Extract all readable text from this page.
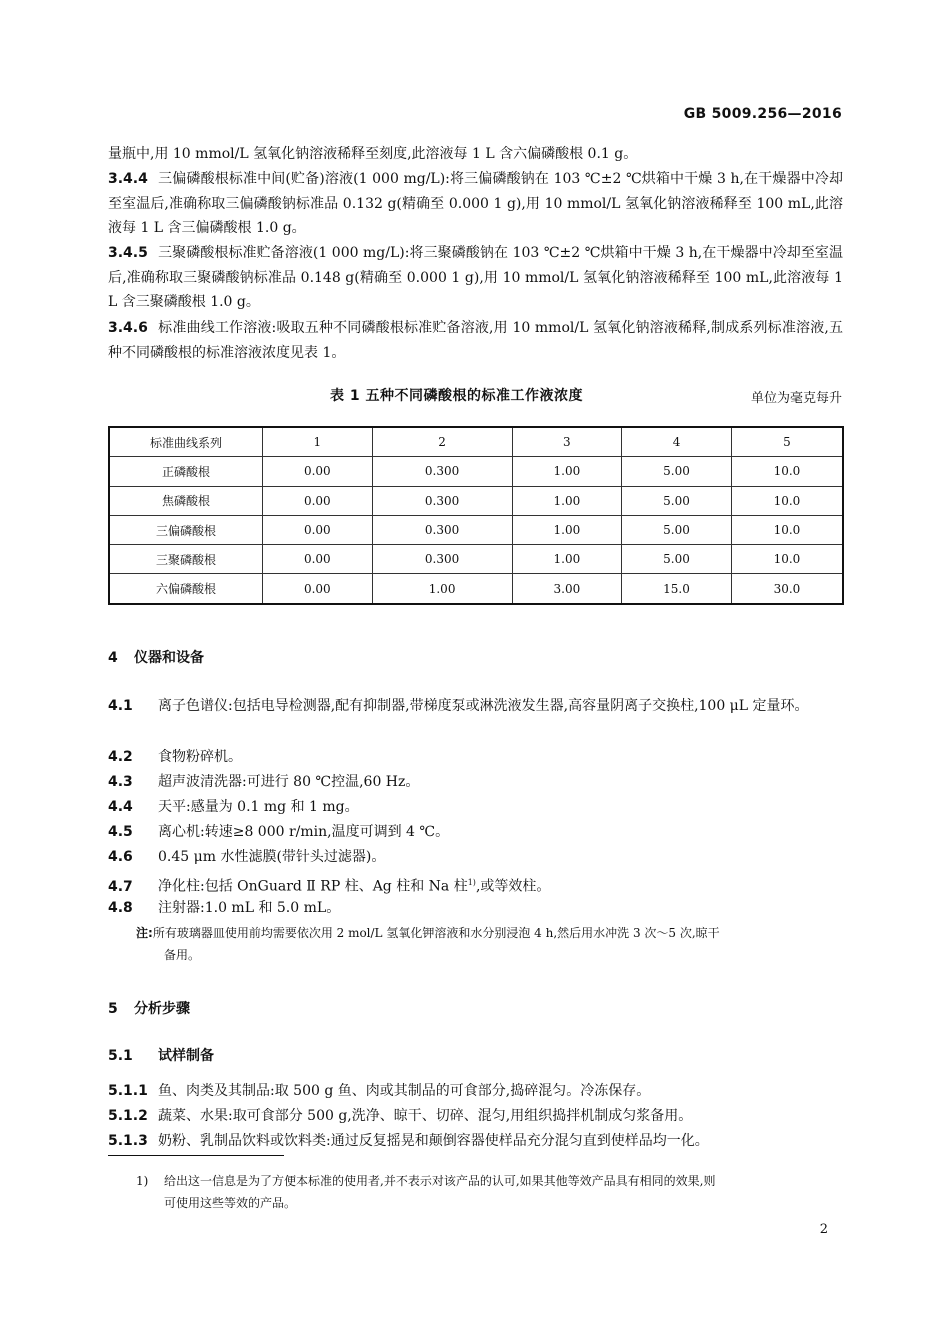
GB 5009.256—2016
量瓶中,用 10 mmol/L 氢氧化钠溶液稀释至刻度,此溶液每 1 L 含六偏磷酸根 0.1 g。
3.4.4 三偏磷酸根标准中间(贮备)溶液(1 000 mg/L):将三偏磷酸钠在 103 ℃±2 ℃烘箱中干燥 3 h,在干燥器中冷却至室温后,准确称取三偏磷酸钠标准品 0.132 g(精确至 0.000 1 g),用 10 mmol/L 氢氧化钠溶液稀释至 100 mL,此溶液每 1 L 含三偏磷酸根 1.0 g。
3.4.5 三聚磷酸根标准贮备溶液(1 000 mg/L):将三聚磷酸钠在 103 ℃±2 ℃烘箱中干燥 3 h,在干燥器中冷却至室温后,准确称取三聚磷酸钠标准品 0.148 g(精确至 0.000 1 g),用 10 mmol/L 氢氧化钠溶液稀释至 100 mL,此溶液每 1 L 含三聚磷酸根 1.0 g。
3.4.6 标准曲线工作溶液:吸取五种不同磷酸根标准贮备溶液,用 10 mmol/L 氢氧化钠溶液稀释,制成系列标准溶液,五种不同磷酸根的标准溶液浓度见表 1。
表 1 五种不同磷酸根的标准工作液浓度	单位为毫克每升
标准曲线系列	1	2	3	4	5
正磷酸根	0.00	0.300	1.00	5.00	10.0
焦磷酸根	0.00	0.300	1.00	5.00	10.0
三偏磷酸根	0.00	0.300	1.00	5.00	10.0
三聚磷酸根	0.00	0.300	1.00	5.00	10.0
六偏磷酸根	0.00	1.00	3.00	15.0	30.0
4 仪器和设备
4.1 离子色谱仪:包括电导检测器,配有抑制器,带梯度泵或淋洗液发生器,高容量阴离子交换柱,100 μL 定量环。
4.2 食物粉碎机。
4.3 超声波清洗器:可进行 80 ℃控温,60 Hz。
4.4 天平:感量为 0.1 mg 和 1 mg。
4.5 离心机:转速≥8 000 r/min,温度可调到 4 ℃。
4.6 0.45 μm 水性滤膜(带针头过滤器)。
4.7 净化柱:包括 OnGuard Ⅱ RP 柱、Ag 柱和 Na 柱$^{1)}$,或等效柱。
4.8 注射器:1.0 mL 和 5.0 mL。
注:所有玻璃器皿使用前均需要依次用 2 mol/L 氢氧化钾溶液和水分别浸泡 4 h,然后用水冲洗 3 次～5 次,晾干
备用。
5 分析步骤
5.1 试样制备
5.1.1 鱼、肉类及其制品:取 500 g 鱼、肉或其制品的可食部分,捣碎混匀。冷冻保存。
5.1.2 蔬菜、水果:取可食部分 500 g,洗净、晾干、切碎、混匀,用组织捣拌机制成匀浆备用。
5.1.3 奶粉、乳制品饮料或饮料类:通过反复摇晃和颠倒容器使样品充分混匀直到使样品均一化。
1) 给出这一信息是为了方便本标准的使用者,并不表示对该产品的认可,如果其他等效产品具有相同的效果,则
可使用这些等效的产品。
2
